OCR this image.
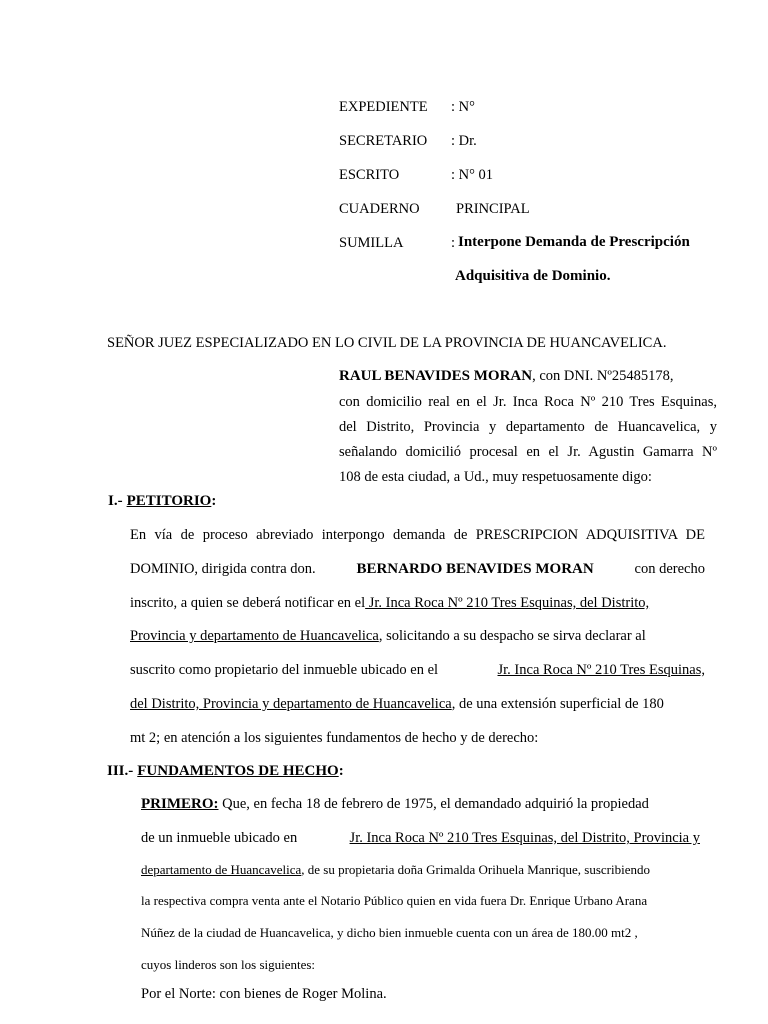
EXPEDIENTE : N°
SECRETARIO : Dr.
ESCRITO	: N° 01
CUADERNO	PRINCIPAL
SUMILLA	: Interpone Demanda de Prescripción
Adquisitiva de Dominio.
SEÑOR JUEZ ESPECIALIZADO EN LO CIVIL DE LA PROVINCIA DE HUANCAVELICA.
RAUL BENAVIDES MORAN, con DNI. Nº25485178,
con domicilio real en el Jr. Inca Roca Nº 210 Tres Esquinas,
del Distrito, Provincia y departamento de Huancavelica, y
señalando domicilió procesal en el Jr. Agustin Gamarra Nº
108 de esta ciudad, a Ud., muy respetuosamente digo:
I.- PETITORIO:
En vía de proceso abreviado interpongo demanda de PRESCRIPCION ADQUISITIVA DE
DOMINIO, dirigida contra don.	BERNARDO BENAVIDES MORAN	con derecho
inscrito, a quien se deberá notificar en el Jr. Inca Roca Nº 210 Tres Esquinas, del Distrito,
Provincia y departamento de Huancavelica, solicitando a su despacho se sirva declarar al
suscrito como propietario del inmueble ubicado en el	Jr. Inca Roca Nº 210 Tres Esquinas,
del Distrito, Provincia y departamento de Huancavelica, de una extensión superficial de 180
mt 2; en atención a los siguientes fundamentos de hecho y de derecho:
III.- FUNDAMENTOS DE HECHO:
PRIMERO: Que, en fecha 18 de febrero de 1975, el demandado adquirió la propiedad
de un inmueble ubicado en	Jr. Inca Roca Nº 210 Tres Esquinas, del Distrito, Provincia y
departamento de Huancavelica, de su propietaria doña Grimalda Orihuela Manrique, suscribiendo
la respectiva compra venta ante el Notario Público quien en vida fuera Dr. Enrique Urbano Arana
Núñez de la ciudad de Huancavelica, y dicho bien inmueble cuenta con un área de 180.00 mt2 ,
cuyos linderos son los siguientes:
Por el Norte: con bienes de Roger Molina.
